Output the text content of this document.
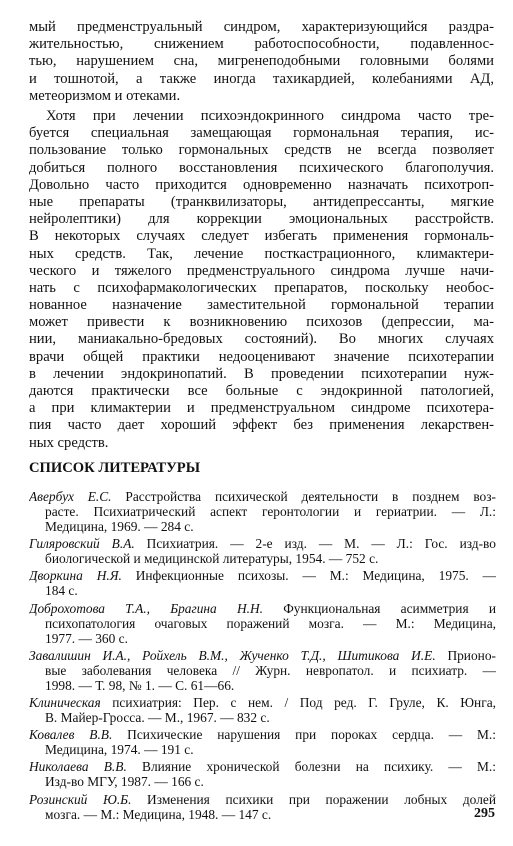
мый предменструальный синдром, характеризующийся раздра-
жительностью, снижением работоспособности, подавленнос-
тью, нарушением сна, мигренеподобными головными болями
и тошнотой, а также иногда тахикардией, колебаниями АД,
метеоризмом и отеками.
Хотя при лечении психоэндокринного синдрома часто тре-
буется специальная замещающая гормональная терапия, ис-
пользование только гормональных средств не всегда позволяет
добиться полного восстановления психического благополучия.
Довольно часто приходится одновременно назначать психотроп-
ные препараты (транквилизаторы, антидепрессанты, мягкие
нейролептики) для коррекции эмоциональных расстройств.
В некоторых случаях следует избегать применения гормональ-
ных средств. Так, лечение посткастрационного, климактери-
ческого и тяжелого предменструального синдрома лучше начи-
нать с психофармакологических препаратов, поскольку необос-
нованное назначение заместительной гормональной терапии
может привести к возникновению психозов (депрессии, ма-
нии, маниакально-бредовых состояний). Во многих случаях
врачи общей практики недооценивают значение психотерапии
в лечении эндокринопатий. В проведении психотерапии нуж-
даются практически все больные с эндокринной патологией,
а при климактерии и предменструальном синдроме психотера-
пия часто дает хороший эффект без применения лекарствен-
ных средств.
СПИСОК ЛИТЕРАТУРЫ
Авербух Е.С. Расстройства психической деятельности в позднем воз-
расте. Психиатрический аспект геронтологии и гериатрии. — Л.:
Медицина, 1969. — 284 с.
Гиляровский В.А. Психиатрия. — 2-е изд. — М. — Л.: Гос. изд-во
биологической и медицинской литературы, 1954. — 752 с.
Дворкина Н.Я. Инфекционные психозы. — М.: Медицина, 1975. —
184 с.
Доброхотова Т.А., Брагина Н.Н. Функциональная асимметрия и
психопатология очаговых поражений мозга. — М.: Медицина,
1977. — 360 с.
Завалишин И.А., Ройхель В.М., Жученко Т.Д., Шитикова И.Е. Прионо-
вые заболевания человека // Журн. невропатол. и психиатр. —
1998. — Т. 98, № 1. — С. 61—66.
Клиническая психиатрия: Пер. с нем. / Под ред. Г. Груле, К. Юнга,
В. Майер-Гросса. — М., 1967. — 832 с.
Ковалев В.В. Психические нарушения при пороках сердца. — М.:
Медицина, 1974. — 191 с.
Николаева В.В. Влияние хронической болезни на психику. — М.:
Изд-во МГУ, 1987. — 166 с.
Розинский Ю.Б. Изменения психики при поражении лобных долей
мозга. — М.: Медицина, 1948. — 147 с.	295
